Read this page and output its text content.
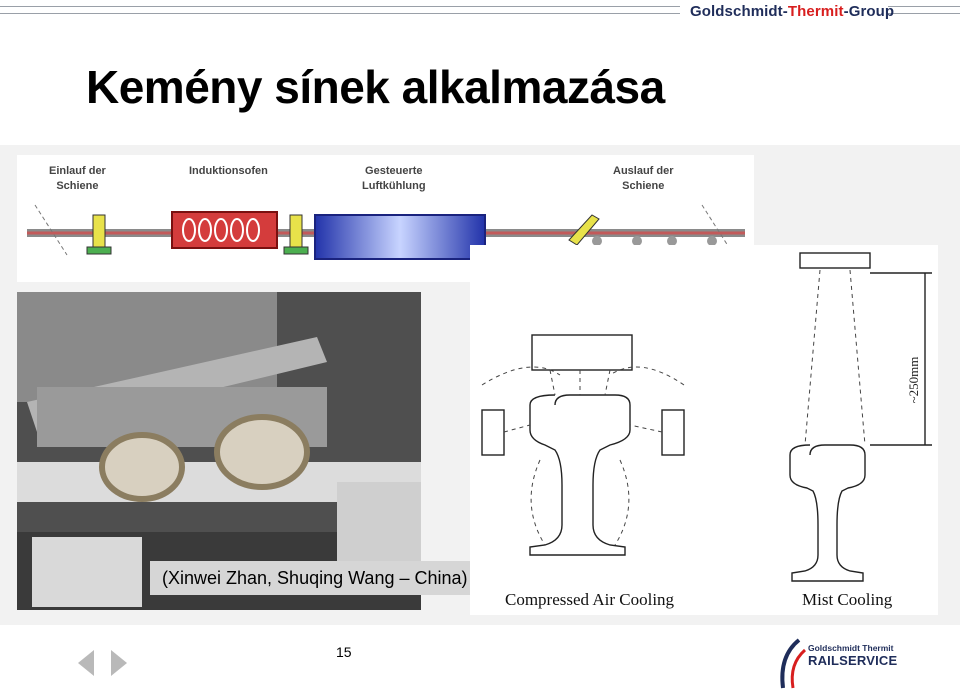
Goldschmidt-Thermit-Group
Kemény sínek alkalmazása
Einlauf der
Schiene
Induktionsofen	Gesteuerte
Luftkühlung
Auslauf der
Schiene
(Xinwei Zhan, Shuqing Wang – China)
~250mm
Compressed Air Cooling	Mist Cooling
15	Goldschmidt Thermit
RAILSERVICE
